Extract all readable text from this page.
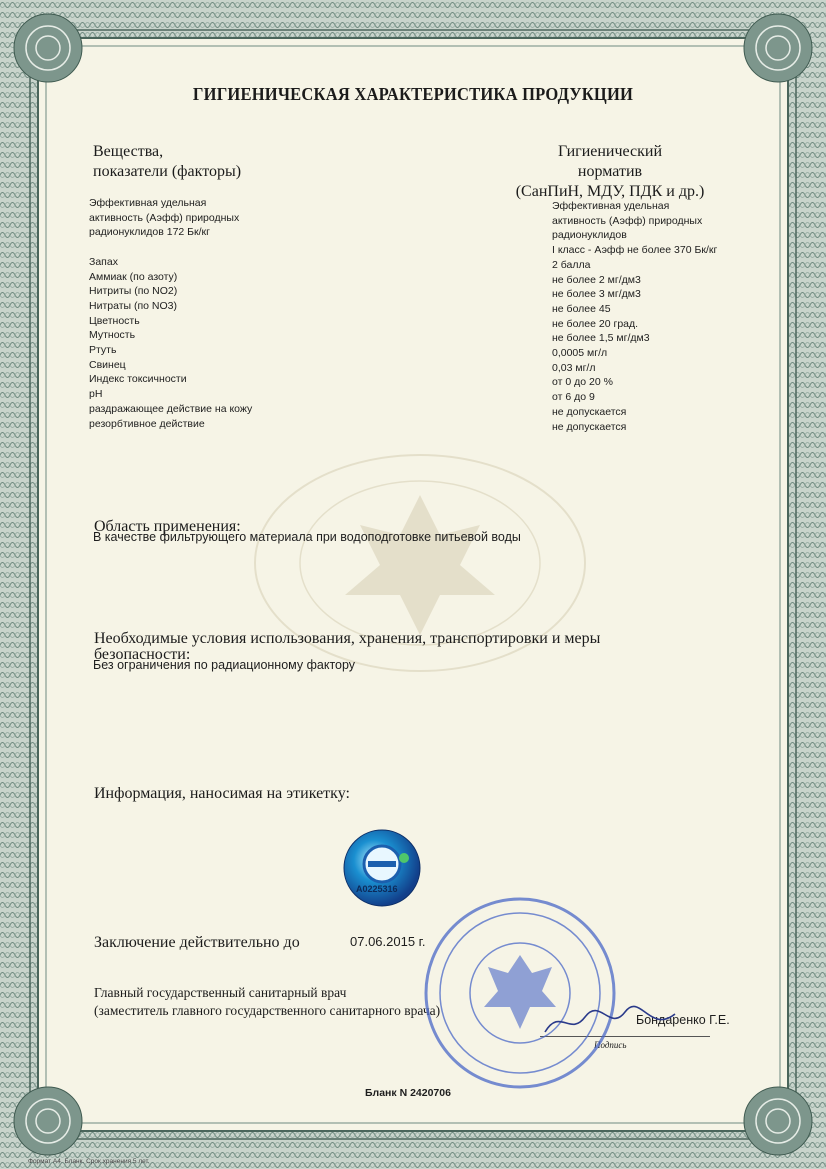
ГИГИЕНИЧЕСКАЯ ХАРАКТЕРИСТИКА ПРОДУКЦИИ
Вещества,
показатели (факторы)
Гигиенический
норматив
(СанПиН, МДУ, ПДК и др.)
Эффективная удельная
активность (Аэфф) природных
радионуклидов 172 Бк/кг
Запах
Аммиак (по азоту)
Нитриты (по NO2)
Нитраты (по NO3)
Цветность
Мутность
Ртуть
Свинец
Индекс токсичности
pH
раздражающее действие на кожу
резорбтивное действие
Эффективная удельная
активность (Аэфф) природных
радионуклидов
I класс - Аэфф не более 370 Бк/кг
2 балла
не более 2 мг/дм3
не более 3 мг/дм3
не более 45
не более 20 град.
не более 1,5 мг/дм3
0,0005 мг/л
0,03 мг/л
от 0 до 20 %
от 6 до 9
не допускается
не допускается
Область применения:
В качестве фильтрующего материала при водоподготовке питьевой воды
Необходимые условия использования, хранения, транспортировки и меры
безопасности:
Без ограничения по радиационному фактору
Информация, наносимая на этикетку:
A0225316
Заключение действительно до	07.06.2015 г.
Главный государственный санитарный врач
(заместитель главного государственного санитарного врача)
Бондаренко Г.Е.
Подпись
Бланк N 2420706
Формат А4. Бланк. Срок хранения 5 лет.
